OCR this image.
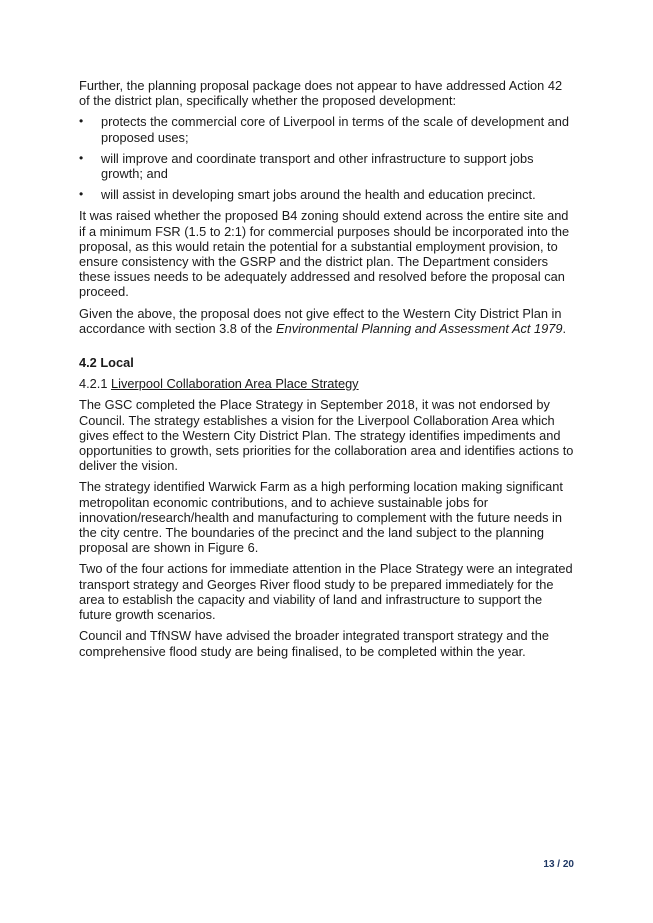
Further, the planning proposal package does not appear to have addressed Action 42 of the district plan, specifically whether the proposed development:

• protects the commercial core of Liverpool in terms of the scale of development and proposed uses;
• will improve and coordinate transport and other infrastructure to support jobs growth; and
• will assist in developing smart jobs around the health and education precinct.

It was raised whether the proposed B4 zoning should extend across the entire site and if a minimum FSR (1.5 to 2:1) for commercial purposes should be incorporated into the proposal, as this would retain the potential for a substantial employment provision, to ensure consistency with the GSRP and the district plan. The Department considers these issues needs to be adequately addressed and resolved before the proposal can proceed.

Given the above, the proposal does not give effect to the Western City District Plan in accordance with section 3.8 of the Environmental Planning and Assessment Act 1979.

4.2 Local

4.2.1 Liverpool Collaboration Area Place Strategy

The GSC completed the Place Strategy in September 2018, it was not endorsed by Council. The strategy establishes a vision for the Liverpool Collaboration Area which gives effect to the Western City District Plan. The strategy identifies impediments and opportunities to growth, sets priorities for the collaboration area and identifies actions to deliver the vision.

The strategy identified Warwick Farm as a high performing location making significant metropolitan economic contributions, and to achieve sustainable jobs for innovation/research/health and manufacturing to complement with the future needs in the city centre. The boundaries of the precinct and the land subject to the planning proposal are shown in Figure 6.

Two of the four actions for immediate attention in the Place Strategy were an integrated transport strategy and Georges River flood study to be prepared immediately for the area to establish the capacity and viability of land and infrastructure to support the future growth scenarios.

Council and TfNSW have advised the broader integrated transport strategy and the comprehensive flood study are being finalised, to be completed within the year.

13 / 20
